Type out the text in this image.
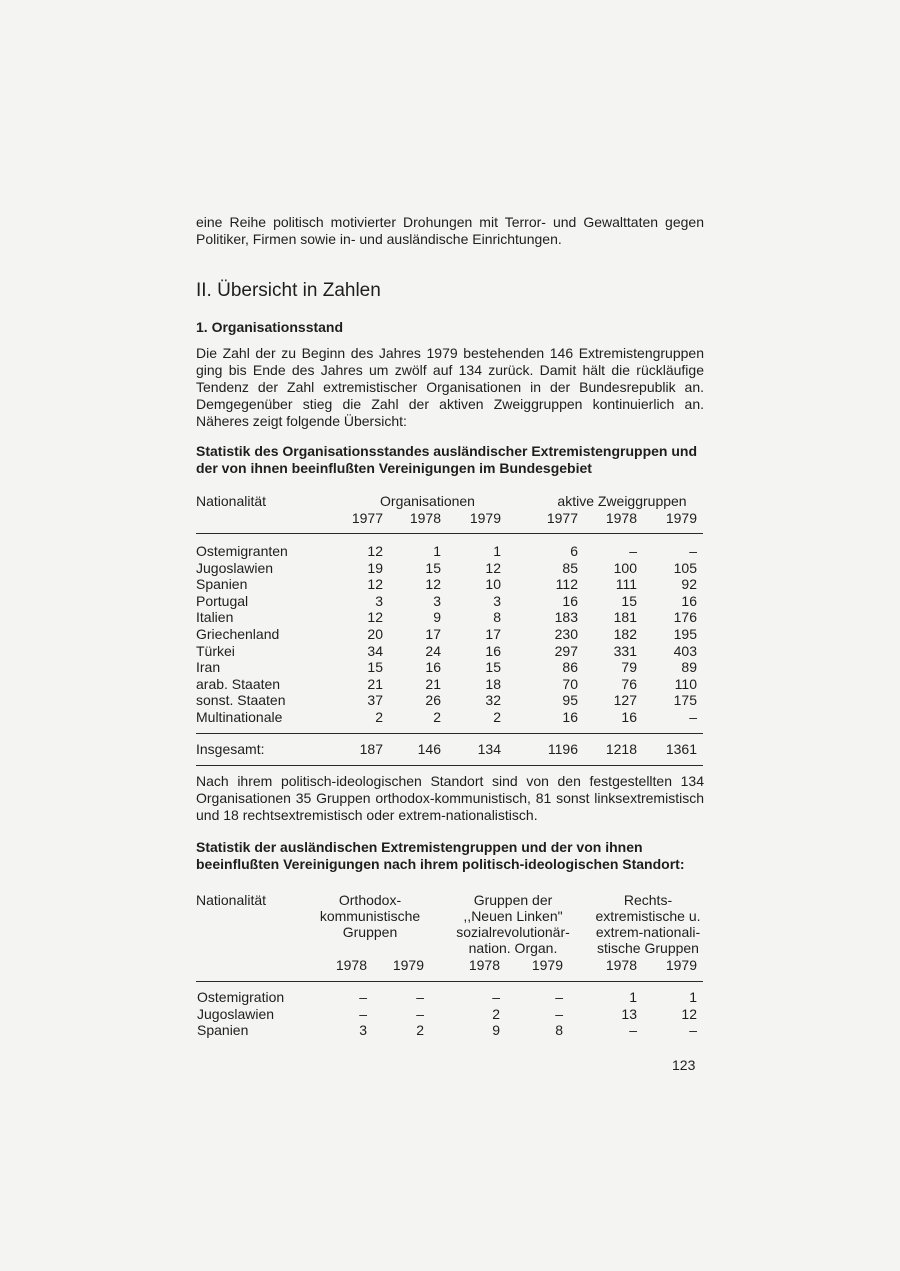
eine Reihe politisch motivierter Drohungen mit Terror- und Gewalttaten gegen Politiker, Firmen sowie in- und ausländische Einrichtungen.

II. Übersicht in Zahlen
1. Organisationsstand

Die Zahl der zu Beginn des Jahres 1979 bestehenden 146 Extremistengruppen ging bis Ende des Jahres um zwölf auf 134 zurück. Damit hält die rückläufige Tendenz der Zahl extremistischer Organisationen in der Bundesrepublik an. Demgegenüber stieg die Zahl der aktiven Zweiggruppen kontinuierlich an. Näheres zeigt folgende Übersicht:

Statistik des Organisationsstandes ausländischer Extremistengruppen und der von ihnen beeinflußten Vereinigungen im Bundesgebiet

Nationalität	Organisationen	aktive Zweiggruppen
1977	1978	1979	1977	1978	1979
Ostemigranten	12	1	1	6	–	–
Jugoslawien	19	15	12	85	100	105
Spanien	12	12	10	112	111	92
Portugal	3	3	3	16	15	16
Italien	12	9	8	183	181	176
Griechenland	20	17	17	230	182	195
Türkei	34	24	16	297	331	403
Iran	15	16	15	86	79	89
arab. Staaten	21	21	18	70	76	110
sonst. Staaten	37	26	32	95	127	175
Multinationale	2	2	2	16	16	–
Insgesamt:	187	146	134	1196	1218	1361

Nach ihrem politisch-ideologischen Standort sind von den festgestellten 134 Organisationen 35 Gruppen orthodox-kommunistisch, 81 sonst linksextremistisch und 18 rechtsextremistisch oder extrem-nationalistisch.

Statistik der ausländischen Extremistengruppen und der von ihnen beeinflußten Vereinigungen nach ihrem politisch-ideologischen Standort:

Nationalität	Orthodox-
kommunistische
Gruppen
Gruppen der
,,Neuen Linken"
sozialrevolutionär-
nation. Organ.
Rechts-
extremistische u.
extrem-nationali-
stische Gruppen
1978	1979	1978	1979	1978	1979
Ostemigration	–	–	–	–	1	1
Jugoslawien	–	–	2	–	13	12
Spanien	3	2	9	8	–	–
123
